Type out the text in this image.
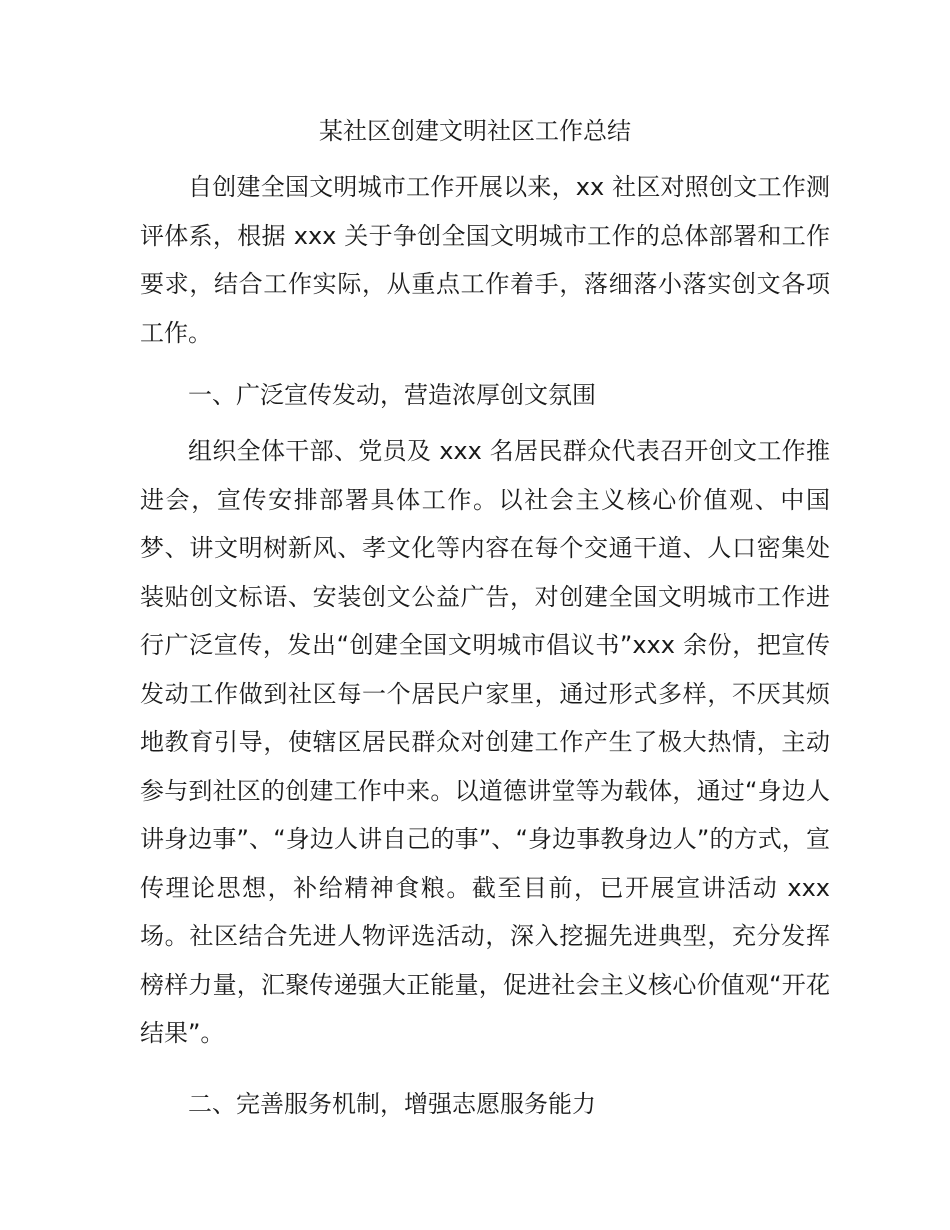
某社区创建文明社区工作总结

自创建全国文明城市工作开展以来，xx 社区对照创文工作测评体系，根据 xxx 关于争创全国文明城市工作的总体部署和工作要求，结合工作实际，从重点工作着手，落细落小落实创文各项工作。

一、广泛宣传发动，营造浓厚创文氛围

组织全体干部、党员及 xxx 名居民群众代表召开创文工作推进会，宣传安排部署具体工作。以社会主义核心价值观、中国梦、讲文明树新风、孝文化等内容在每个交通干道、人口密集处装贴创文标语、安装创文公益广告，对创建全国文明城市工作进行广泛宣传，发出“创建全国文明城市倡议书”xxx 余份，把宣传发动工作做到社区每一个居民户家里，通过形式多样，不厌其烦地教育引导，使辖区居民群众对创建工作产生了极大热情，主动参与到社区的创建工作中来。以道德讲堂等为载体，通过“身边人讲身边事”、“身边人讲自己的事”、“身边事教身边人”的方式，宣传理论思想，补给精神食粮。截至目前，已开展宣讲活动 xxx 场。社区结合先进人物评选活动，深入挖掘先进典型，充分发挥榜样力量，汇聚传递强大正能量，促进社会主义核心价值观“开花结果”。

二、完善服务机制，增强志愿服务能力
